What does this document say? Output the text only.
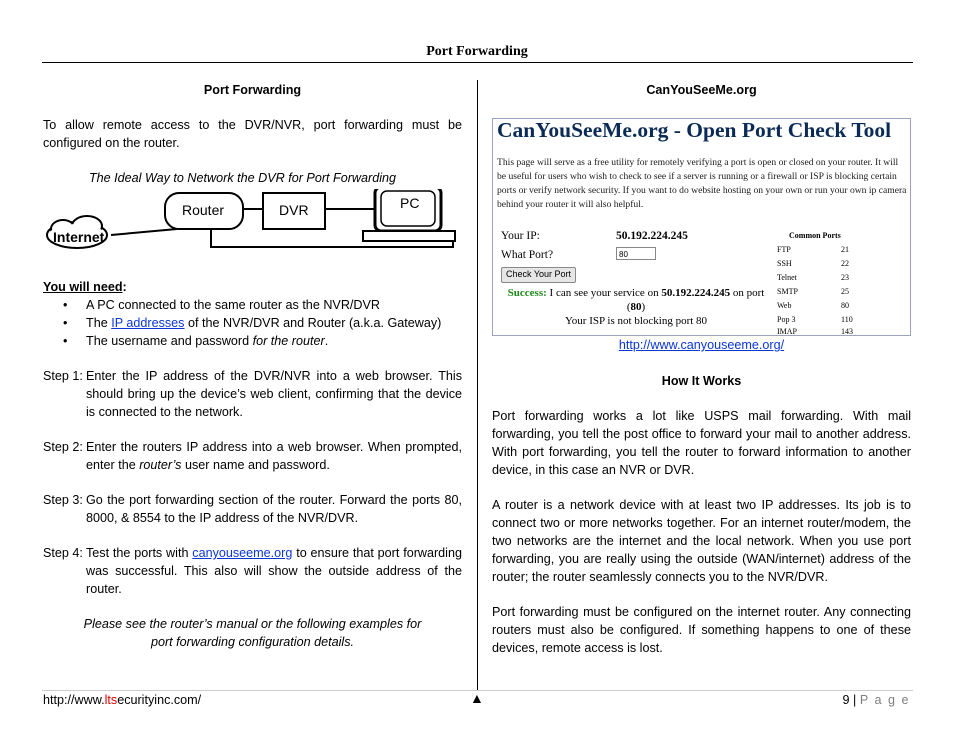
Port Forwarding

Port Forwarding

To allow remote access to the DVR/NVR, port forwarding must be configured on the router.

The Ideal Way to Network the DVR for Port Forwarding

Internet
Router	DVR	PC

You will need:

• A PC connected to the same router as the NVR/DVR
• The IP addresses of the NVR/DVR and Router (a.k.a. Gateway)
• The username and password for the router.
Step 1: Enter the IP address of the DVR/NVR into a web browser. This should bring up the device’s web client, confirming that the device is connected to the network.
Step 2: Enter the routers IP address into a web browser. When prompted, enter the router’s user name and password.
Step 3: Go the port forwarding section of the router. Forward the ports 80, 8000, & 8554 to the IP address of the NVR/DVR.
Step 4: Test the ports with canyouseeme.org to ensure that port forwarding was successful. This also will show the outside address of the router.

Please see the router’s manual or the following examples for

port forwarding configuration details.

CanYouSeeMe.org

CanYouSeeMe.org - Open Port Check Tool
This page will serve as a free utility for remotely verifying a port is open or closed on your router. It will be useful for users who wish to check to see if a server is running or a firewall or ISP is blocking certain ports or verify network security. If you want to do website hosting on your own or run your own ip camera behind your router it will also helpful.
Your IP:	50.192.224.245
What Port?	80
Check Your Port
Success: I can see your service on 50.192.224.245 on port (80)
Your ISP is not blocking port 80
Common Ports
FTP	21
SSH	22
Telnet	23
SMTP	25
Web	80
Pop 3	110
IMAP	143

http://www.canyouseeme.org/

How It Works

Port forwarding works a lot like USPS mail forwarding. With mail forwarding, you tell the post office to forward your mail to another address. With port forwarding, you tell the router to forward information to another device, in this case an NVR or DVR.

A router is a network device with at least two IP addresses. Its job is to connect two or more networks together. For an internet router/modem, the two networks are the internet and the local network. When you use port forwarding, you are really using the outside (WAN/internet) address of the router; the router seamlessly connects you to the NVR/DVR.

Port forwarding must be configured on the internet router. Any connecting routers must also be configured. If something happens to one of these devices, remote access is lost.

http://www.ltsecurityinc.com/	▲	9 | P a g e
